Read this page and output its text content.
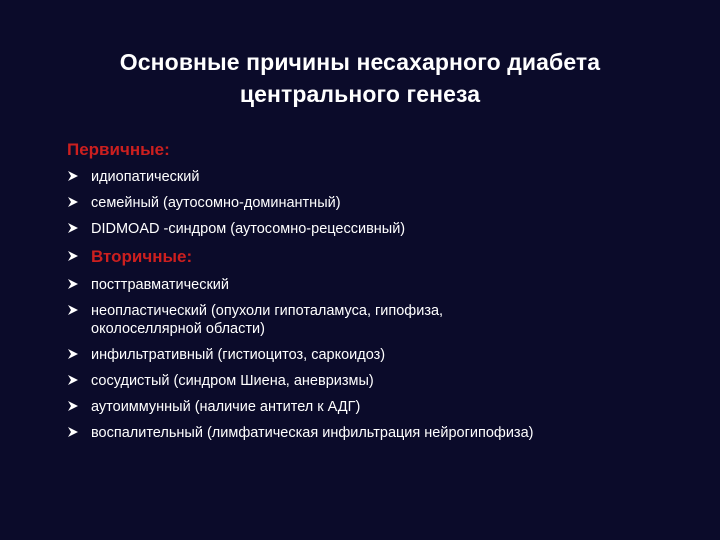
Основные причины несахарного диабета
центрального генеза
Первичные:
идиопатический
семейный (аутосомно-доминантный)
DIDMOAD -синдром (аутосомно-рецессивный)
Вторичные:
посттравматический
неопластический (опухоли гипоталамуса, гипофиза,
околоселлярной области)
инфильтративный (гистиоцитоз, саркоидоз)
сосудистый (синдром Шиена, аневризмы)
аутоиммунный (наличие антител к АДГ)
воспалительный (лимфатическая инфильтрация нейрогипофиза)
